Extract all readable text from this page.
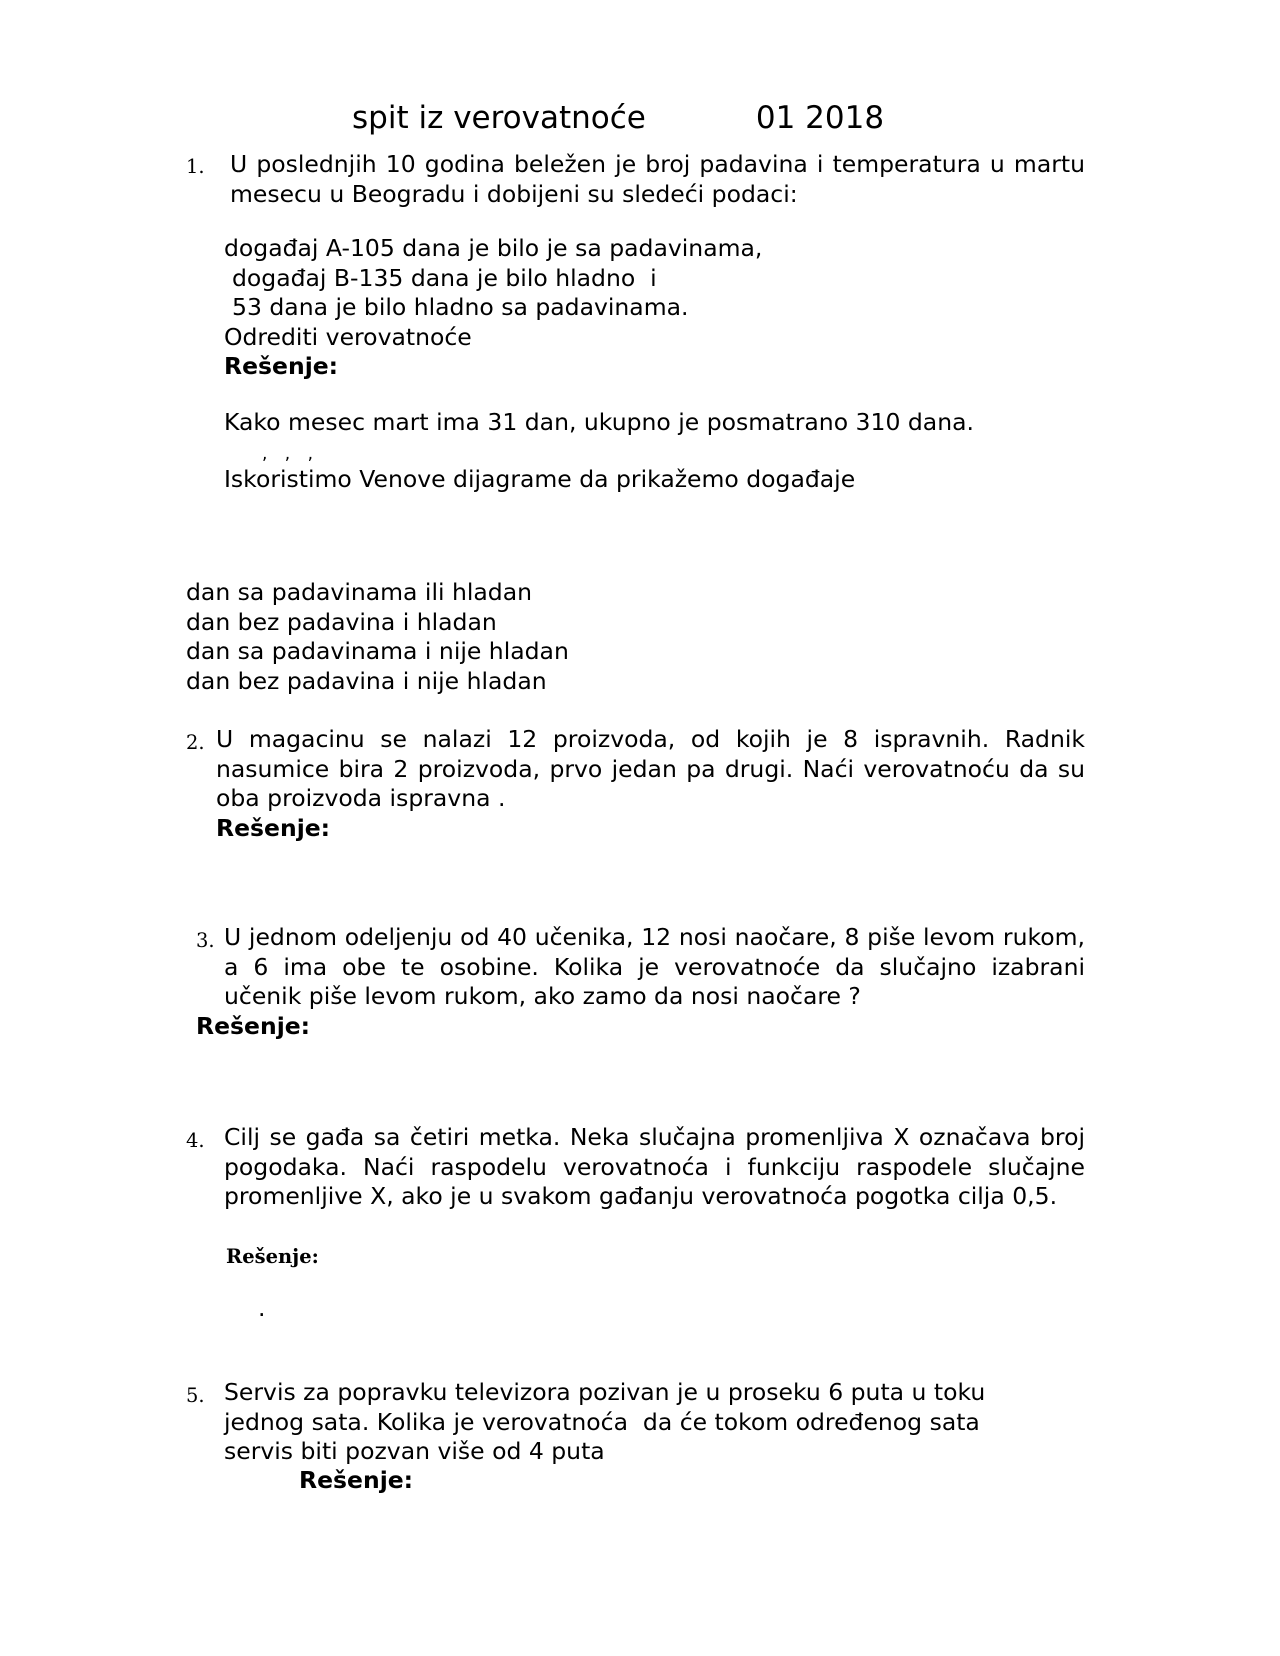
spit iz verovatnoće	01 2018
1. U poslednjih 10 godina beležen je broj padavina i temperatura u martu mesecu u Beogradu i dobijeni su sledeći podaci:
događaj A-105 dana je bilo je sa padavinama,
događaj B-135 dana je bilo hladno  i
53 dana je bilo hladno sa padavinama.
Odrediti verovatnoće
Rešenje:
Kako mesec mart ima 31 dan, ukupno je posmatrano 310 dana.
, , ,
Iskoristimo Venove dijagrame da prikažemo događaje
dan sa padavinama ili hladan
dan bez padavina i hladan
dan sa padavinama i nije hladan
dan bez padavina i nije hladan
2. U magacinu se nalazi 12 proizvoda, od kojih je 8 ispravnih. Radnik nasumice bira 2 proizvoda, prvo jedan pa drugi. Naći verovatnoću da su oba proizvoda ispravna .
Rešenje:
3. U jednom odeljenju od 40 učenika, 12 nosi naočare, 8 piše levom rukom, a 6 ima obe te osobine. Kolika je verovatnoće da slučajno izabrani učenik piše levom rukom, ako zamo da nosi naočare ?
Rešenje:
4. Cilj se gađa sa četiri metka. Neka slučajna promenljiva X označava broj pogodaka. Naći raspodelu verovatnoća i funkciju raspodele slučajne promenljive X, ako je u svakom gađanju verovatnoća pogotka cilja 0,5.
Rešenje:
.
5. Servis za popravku televizora pozivan je u proseku 6 puta u toku
jednog sata. Kolika je verovatnoća  da će tokom određenog sata
servis biti pozvan više od 4 puta
Rešenje:
